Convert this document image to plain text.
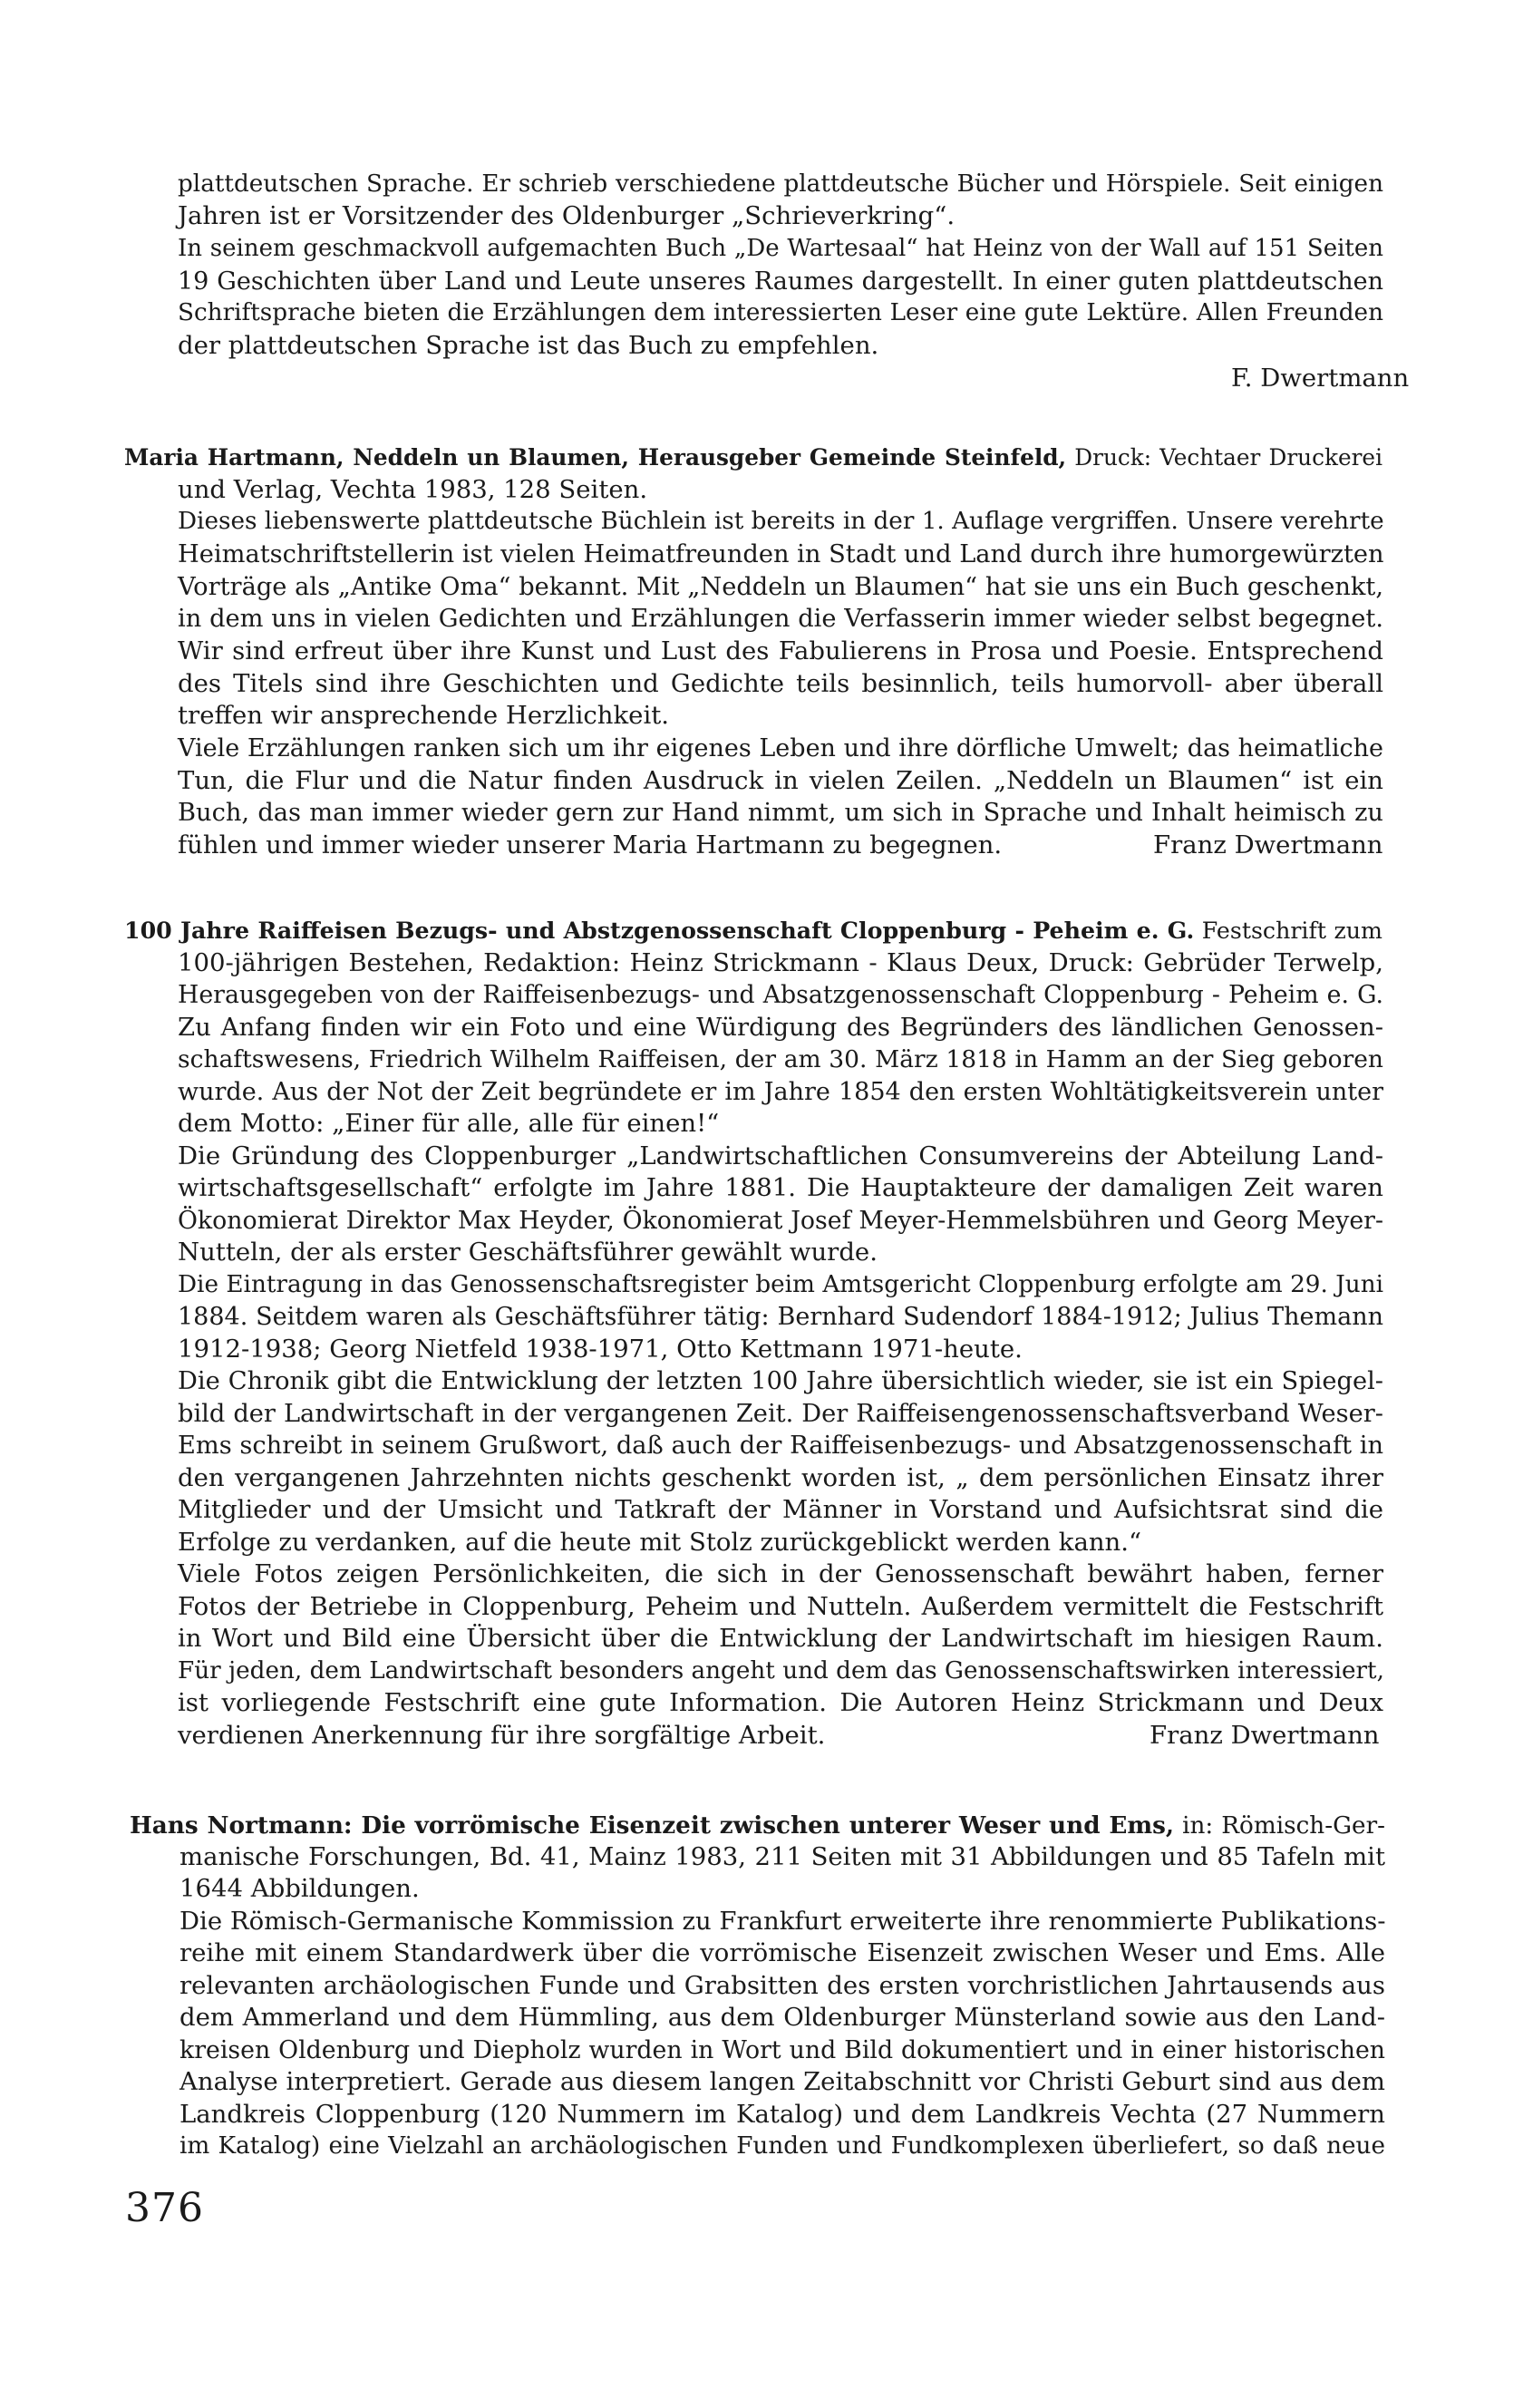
plattdeutschen Sprache. Er schrieb verschiedene plattdeutsche Bücher und Hörspiele. Seit einigen

Jahren ist er Vorsitzender des Oldenburger „Schrieverkring“.

In seinem geschmackvoll aufgemachten Buch „De Wartesaal“ hat Heinz von der Wall auf 151 Seiten

19 Geschichten über Land und Leute unseres Raumes dargestellt. In einer guten plattdeutschen

Schriftsprache bieten die Erzählungen dem interessierten Leser eine gute Lektüre. Allen Freunden

der plattdeutschen Sprache ist das Buch zu empfehlen.

F. Dwertmann

Maria Hartmann, Neddeln un Blaumen, Herausgeber Gemeinde Steinfeld, Druck: Vechtaer Druckerei

und Verlag, Vechta 1983, 128 Seiten.

Dieses liebenswerte plattdeutsche Büchlein ist bereits in der 1. Auflage vergriffen. Unsere verehrte

Heimatschriftstellerin ist vielen Heimatfreunden in Stadt und Land durch ihre humorgewürzten

Vorträge als „Antike Oma“ bekannt. Mit „Neddeln un Blaumen“ hat sie uns ein Buch geschenkt,

in dem uns in vielen Gedichten und Erzählungen die Verfasserin immer wieder selbst begegnet.

Wir sind erfreut über ihre Kunst und Lust des Fabulierens in Prosa und Poesie. Entsprechend

des Titels sind ihre Geschichten und Gedichte teils besinnlich, teils humorvoll- aber überall

treffen wir ansprechende Herzlichkeit.

Viele Erzählungen ranken sich um ihr eigenes Leben und ihre dörfliche Umwelt; das heimatliche

Tun, die Flur und die Natur finden Ausdruck in vielen Zeilen. „Neddeln un Blaumen“ ist ein

Buch, das man immer wieder gern zur Hand nimmt, um sich in Sprache und Inhalt heimisch zu

fühlen und immer wieder unserer Maria Hartmann zu begegnen.	Franz Dwertmann

100 Jahre Raiffeisen Bezugs- und Abstzgenossenschaft Cloppenburg - Peheim e. G. Festschrift zum

100-jährigen Bestehen, Redaktion: Heinz Strickmann - Klaus Deux, Druck: Gebrüder Terwelp,

Herausgegeben von der Raiffeisenbezugs- und Absatzgenossenschaft Cloppenburg - Peheim e. G.

Zu Anfang finden wir ein Foto und eine Würdigung des Begründers des ländlichen Genossen-

schaftswesens, Friedrich Wilhelm Raiffeisen, der am 30. März 1818 in Hamm an der Sieg geboren

wurde. Aus der Not der Zeit begründete er im Jahre 1854 den ersten Wohltätigkeitsverein unter

dem Motto: „Einer für alle, alle für einen!“

Die Gründung des Cloppenburger „Landwirtschaftlichen Consumvereins der Abteilung Land-

wirtschaftsgesellschaft“ erfolgte im Jahre 1881. Die Hauptakteure der damaligen Zeit waren

Ökonomierat Direktor Max Heyder, Ökonomierat Josef Meyer-Hemmelsbühren und Georg Meyer-

Nutteln, der als erster Geschäftsführer gewählt wurde.

Die Eintragung in das Genossenschaftsregister beim Amtsgericht Cloppenburg erfolgte am 29. Juni

1884. Seitdem waren als Geschäftsführer tätig: Bernhard Sudendorf 1884-1912; Julius Themann

1912-1938; Georg Nietfeld 1938-1971, Otto Kettmann 1971-heute.

Die Chronik gibt die Entwicklung der letzten 100 Jahre übersichtlich wieder, sie ist ein Spiegel-

bild der Landwirtschaft in der vergangenen Zeit. Der Raiffeisengenossenschaftsverband Weser-

Ems schreibt in seinem Grußwort, daß auch der Raiffeisenbezugs- und Absatzgenossenschaft in

den vergangenen Jahrzehnten nichts geschenkt worden ist, „ dem persönlichen Einsatz ihrer

Mitglieder und der Umsicht und Tatkraft der Männer in Vorstand und Aufsichtsrat sind die

Erfolge zu verdanken, auf die heute mit Stolz zurückgeblickt werden kann.“

Viele Fotos zeigen Persönlichkeiten, die sich in der Genossenschaft bewährt haben, ferner

Fotos der Betriebe in Cloppenburg, Peheim und Nutteln. Außerdem vermittelt die Festschrift

in Wort und Bild eine Übersicht über die Entwicklung der Landwirtschaft im hiesigen Raum.

Für jeden, dem Landwirtschaft besonders angeht und dem das Genossenschaftswirken interessiert,

ist vorliegende Festschrift eine gute Information. Die Autoren Heinz Strickmann und Deux

verdienen Anerkennung für ihre sorgfältige Arbeit.	Franz Dwertmann

Hans Nortmann: Die vorrömische Eisenzeit zwischen unterer Weser und Ems, in: Römisch-Ger-

manische Forschungen, Bd. 41, Mainz 1983, 211 Seiten mit 31 Abbildungen und 85 Tafeln mit

1644 Abbildungen.

Die Römisch-Germanische Kommission zu Frankfurt erweiterte ihre renommierte Publikations-

reihe mit einem Standardwerk über die vorrömische Eisenzeit zwischen Weser und Ems. Alle

relevanten archäologischen Funde und Grabsitten des ersten vorchristlichen Jahrtausends aus

dem Ammerland und dem Hümmling, aus dem Oldenburger Münsterland sowie aus den Land-

kreisen Oldenburg und Diepholz wurden in Wort und Bild dokumentiert und in einer historischen

Analyse interpretiert. Gerade aus diesem langen Zeitabschnitt vor Christi Geburt sind aus dem

Landkreis Cloppenburg (120 Nummern im Katalog) und dem Landkreis Vechta (27 Nummern

im Katalog) eine Vielzahl an archäologischen Funden und Fundkomplexen überliefert, so daß neue

376
